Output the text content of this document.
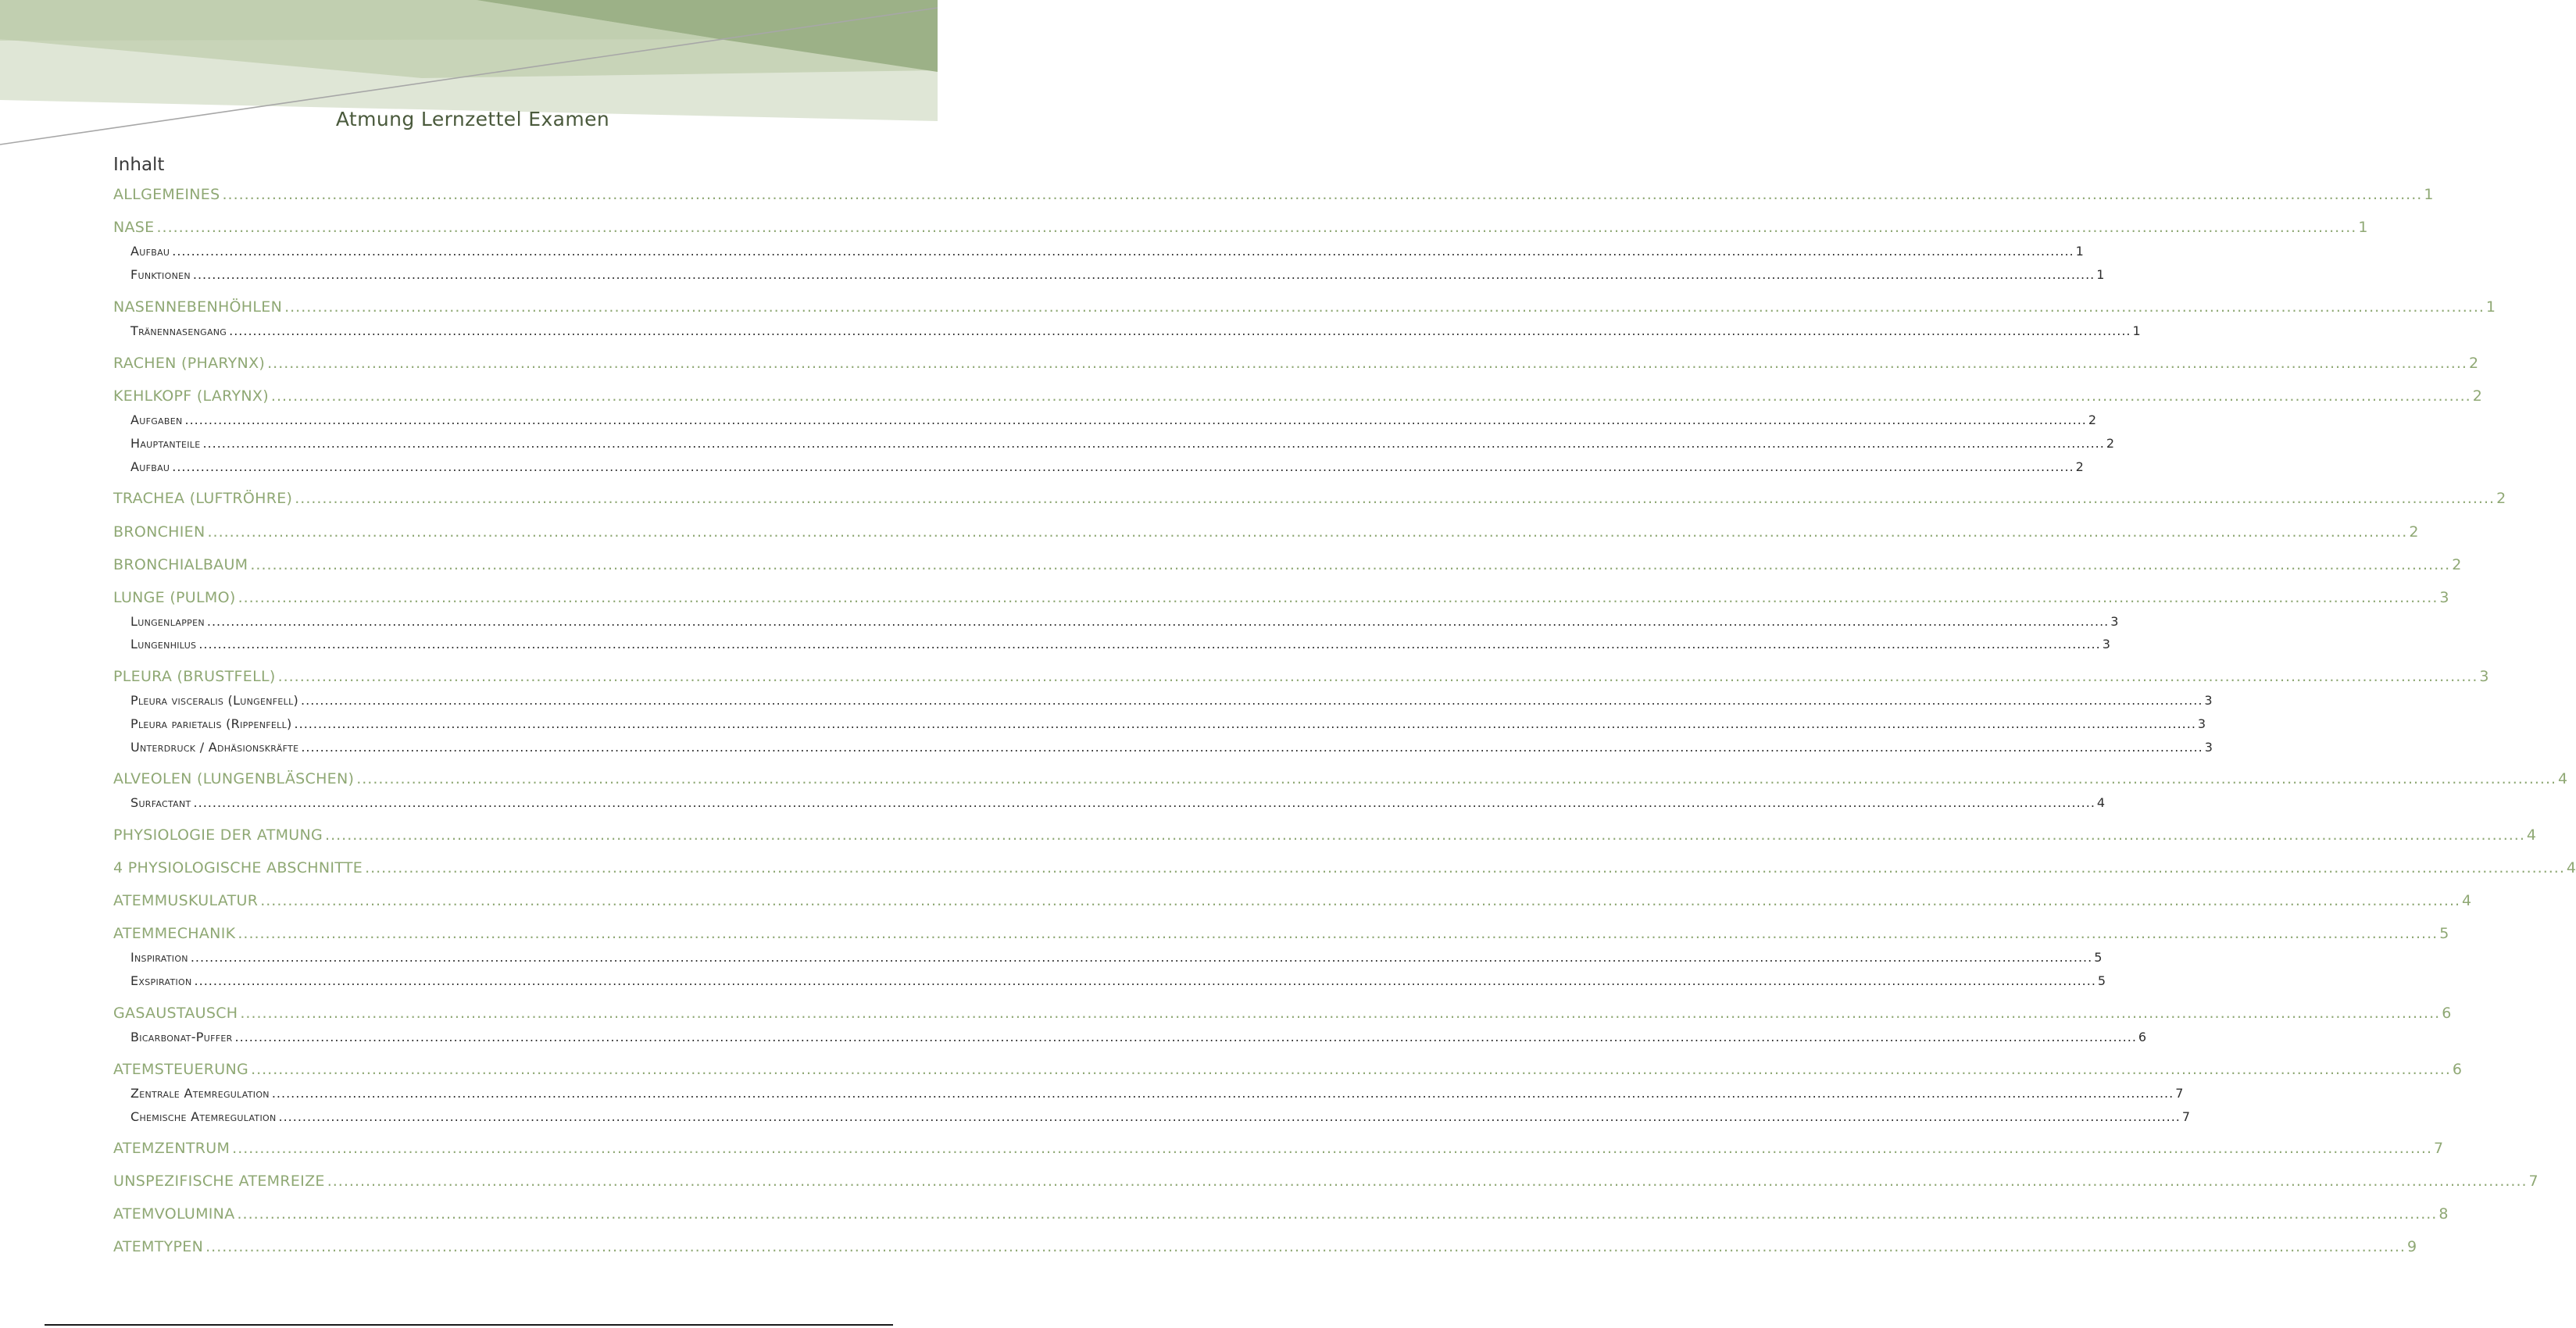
Atmung Lernzettel Examen
Inhalt
ALLGEMEINES ................................................................................................................................................................................................................................................................................................................................................................................................................ 1
NASE ................................................................................................................................................................................................................................................................................................................................................................................................................ 1
Aufbau ................................................................................................................................................................................................................................................................................................................................................................................................................ 1
Funktionen ................................................................................................................................................................................................................................................................................................................................................................................................................ 1
NASENNEBENHÖHLEN ................................................................................................................................................................................................................................................................................................................................................................................................................ 1
Tränennasengang ................................................................................................................................................................................................................................................................................................................................................................................................................ 1
RACHEN (PHARYNX) ................................................................................................................................................................................................................................................................................................................................................................................................................ 2
KEHLKOPF (LARYNX) ................................................................................................................................................................................................................................................................................................................................................................................................................ 2
Aufgaben ................................................................................................................................................................................................................................................................................................................................................................................................................ 2
Hauptanteile ................................................................................................................................................................................................................................................................................................................................................................................................................ 2
Aufbau ................................................................................................................................................................................................................................................................................................................................................................................................................ 2
TRACHEA (LUFTRÖHRE) ................................................................................................................................................................................................................................................................................................................................................................................................................ 2
BRONCHIEN ................................................................................................................................................................................................................................................................................................................................................................................................................ 2
BRONCHIALBAUM ................................................................................................................................................................................................................................................................................................................................................................................................................ 2
LUNGE (PULMO) ................................................................................................................................................................................................................................................................................................................................................................................................................ 3
Lungenlappen ................................................................................................................................................................................................................................................................................................................................................................................................................ 3
Lungenhilus ................................................................................................................................................................................................................................................................................................................................................................................................................ 3
PLEURA (BRUSTFELL) ................................................................................................................................................................................................................................................................................................................................................................................................................ 3
Pleura visceralis (Lungenfell) ................................................................................................................................................................................................................................................................................................................................................................................................................ 3
Pleura parietalis (Rippenfell) ................................................................................................................................................................................................................................................................................................................................................................................................................ 3
Unterdruck / Adhäsionskräfte ................................................................................................................................................................................................................................................................................................................................................................................................................ 3
ALVEOLEN (LUNGENBLÄSCHEN) ................................................................................................................................................................................................................................................................................................................................................................................................................ 4
Surfactant ................................................................................................................................................................................................................................................................................................................................................................................................................ 4
PHYSIOLOGIE DER ATMUNG ................................................................................................................................................................................................................................................................................................................................................................................................................ 4
4 PHYSIOLOGISCHE ABSCHNITTE ................................................................................................................................................................................................................................................................................................................................................................................................................ 4
ATEMMUSKULATUR ................................................................................................................................................................................................................................................................................................................................................................................................................ 4
ATEMMECHANIK ................................................................................................................................................................................................................................................................................................................................................................................................................ 5
Inspiration ................................................................................................................................................................................................................................................................................................................................................................................................................ 5
Exspiration ................................................................................................................................................................................................................................................................................................................................................................................................................ 5
GASAUSTAUSCH ................................................................................................................................................................................................................................................................................................................................................................................................................ 6
Bicarbonat-Puffer ................................................................................................................................................................................................................................................................................................................................................................................................................ 6
ATEMSTEUERUNG ................................................................................................................................................................................................................................................................................................................................................................................................................ 6
Zentrale Atemregulation ................................................................................................................................................................................................................................................................................................................................................................................................................ 7
Chemische Atemregulation ................................................................................................................................................................................................................................................................................................................................................................................................................ 7
ATEMZENTRUM ................................................................................................................................................................................................................................................................................................................................................................................................................ 7
UNSPEZIFISCHE ATEMREIZE ................................................................................................................................................................................................................................................................................................................................................................................................................ 7
ATEMVOLUMINA ................................................................................................................................................................................................................................................................................................................................................................................................................ 8
ATEMTYPEN ................................................................................................................................................................................................................................................................................................................................................................................................................ 9
